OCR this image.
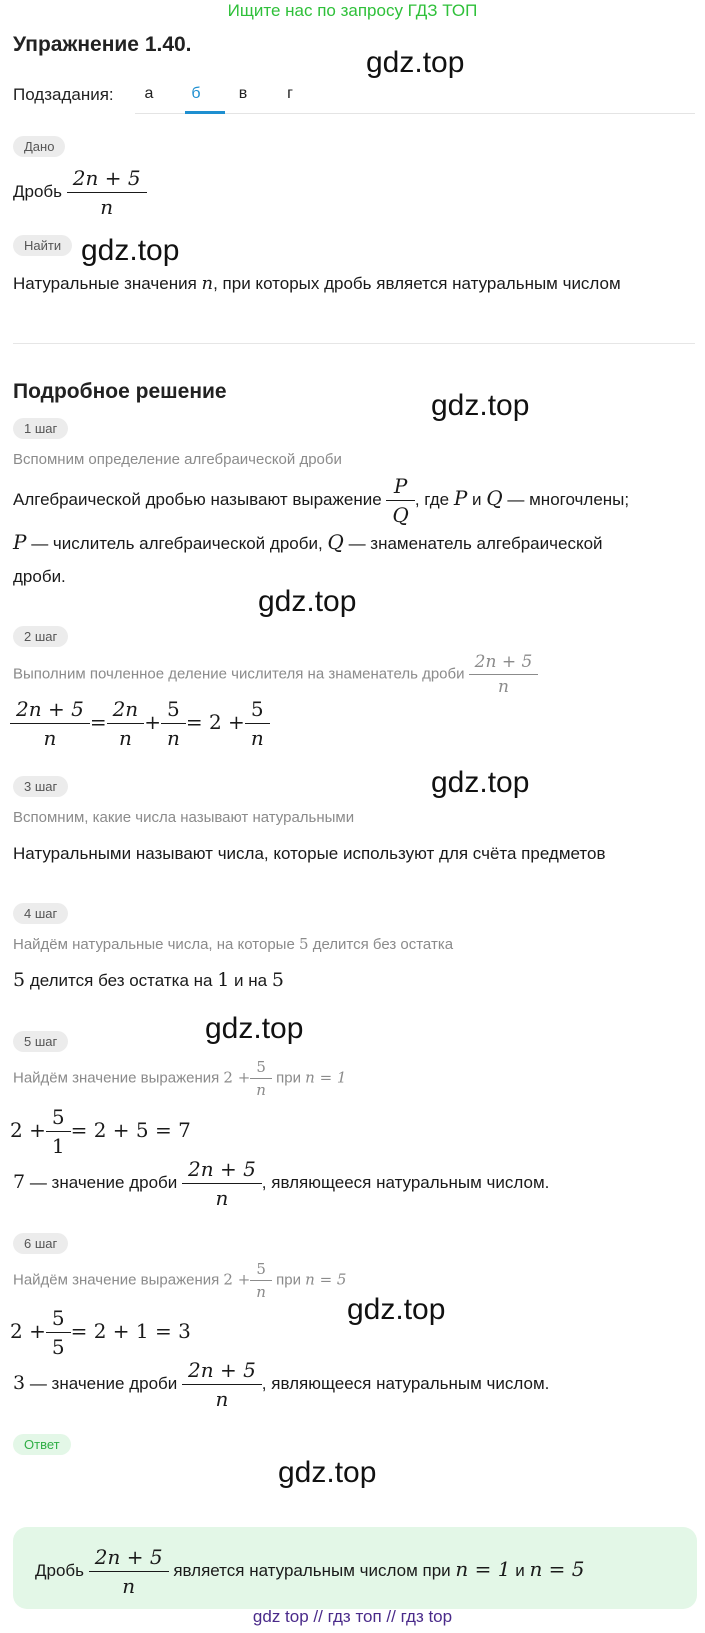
Ищите нас по запросу ГДЗ ТОП
Упражнение 1.40.
gdz.top
gdz.top
gdz.top
gdz.top
gdz.top
gdz.top
gdz.top
gdz.top
Подзадания:	а	б	в	г
Дано
Дробь $\frac{2n + 5}{n}$
Найти
Натуральные значения n, при которых дробь является натуральным числом
Подробное решение
1 шаг
Вспомним определение алгебраической дроби
Алгебраической дробью называют выражение $\frac{P}{Q}$ , где P и Q — многочлены;
P — числитель алгебраической дроби, Q — знаменатель алгебраической
дроби.
2 шаг
Выполним почленное деление числителя на знаменатель дроби $\frac{2n + 5}{n}$
$\frac{2n + 5}{n} = \frac{2n}{n} + \frac{5}{n} = 2 + \frac{5}{n}$
3 шаг
Вспомним, какие числа называют натуральными
Натуральными называют числа, которые используют для счёта предметов
4 шаг
Найдём натуральные числа, на которые 5 делится без остатка
5 делится без остатка на 1 и на 5
5 шаг
Найдём значение выражения $2 + \frac{5}{n}$ при n = 1
$2 + \frac{5}{1} = 2 + 5 = 7$
7 — значение дроби $\frac{2n + 5}{n}$ , являющееся натуральным числом.
6 шаг
Найдём значение выражения $2 + \frac{5}{n}$ при n = 5
$2 + \frac{5}{5} = 2 + 1 = 3$
3 — значение дроби $\frac{2n + 5}{n}$ , являющееся натуральным числом.
Ответ
Дробь $\frac{2n + 5}{n}$ является натуральным числом при n = 1 и n = 5
gdz top // гдз топ // гдз top
